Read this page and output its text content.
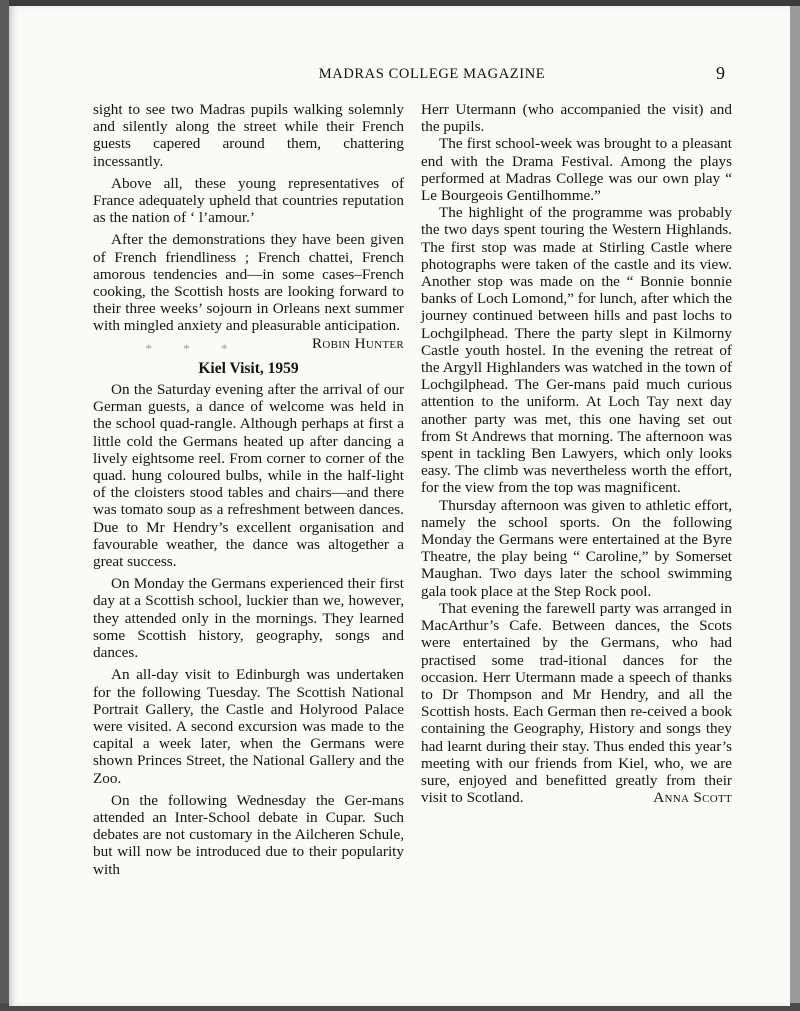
MADRAS COLLEGE MAGAZINE	9

sight to see two Madras pupils walking solemnly and silently along the street while their French guests capered around them, chattering incessantly.

Above all, these young representatives of France adequately upheld that countries reputation as the nation of ‘ l’amour.’

After the demonstrations they have been given of French friendliness ; French chattei, French amorous tendencies and—in some cases–French cooking, the Scottish hosts are looking forward to their three weeks’ sojourn in Orleans next summer with mingled anxiety and pleasurable anticipation.
Robin Hunter

* * *
Kiel Visit, 1959

On the Saturday evening after the arrival of our German guests, a dance of welcome was held in the school quad-rangle. Although perhaps at first a little cold the Germans heated up after dancing a lively eightsome reel. From corner to corner of the quad. hung coloured bulbs, while in the half-light of the cloisters stood tables and chairs—and there was tomato soup as a refreshment between dances. Due to Mr Hendry’s excellent organisation and favourable weather, the dance was altogether a great success.

On Monday the Germans experienced their first day at a Scottish school, luckier than we, however, they attended only in the mornings. They learned some Scottish history, geography, songs and dances.

An all-day visit to Edinburgh was undertaken for the following Tuesday. The Scottish National Portrait Gallery, the Castle and Holyrood Palace were visited. A second excursion was made to the capital a week later, when the Germans were shown Princes Street, the National Gallery and the Zoo.

On the following Wednesday the Ger-mans attended an Inter-School debate in Cupar. Such debates are not customary in the Ailcheren Schule, but will now be introduced due to their popularity with

Herr Utermann (who accompanied the visit) and the pupils.

The first school-week was brought to a pleasant end with the Drama Festival. Among the plays performed at Madras College was our own play “ Le Bourgeois Gentilhomme.”

The highlight of the programme was probably the two days spent touring the Western Highlands. The first stop was made at Stirling Castle where photographs were taken of the castle and its view. Another stop was made on the “ Bonnie bonnie banks of Loch Lomond,” for lunch, after which the journey continued between hills and past lochs to Lochgilphead. There the party slept in Kilmorny Castle youth hostel. In the evening the retreat of the Argyll Highlanders was watched in the town of Lochgilphead. The Ger-mans paid much curious attention to the uniform. At Loch Tay next day another party was met, this one having set out from St Andrews that morning. The afternoon was spent in tackling Ben Lawyers, which only looks easy. The climb was nevertheless worth the effort, for the view from the top was magnificent.

Thursday afternoon was given to athletic effort, namely the school sports. On the following Monday the Germans were entertained at the Byre Theatre, the play being “ Caroline,” by Somerset Maughan. Two days later the school swimming gala took place at the Step Rock pool.

That evening the farewell party was arranged in MacArthur’s Cafe. Between dances, the Scots were entertained by the Germans, who had practised some trad-itional dances for the occasion. Herr Utermann made a speech of thanks to Dr Thompson and Mr Hendry, and all the Scottish hosts. Each German then re-ceived a book containing the Geography, History and songs they had learnt during their stay. Thus ended this year’s meeting with our friends from Kiel, who, we are sure, enjoyed and benefitted greatly from their visit to Scotland.	Anna Scott
